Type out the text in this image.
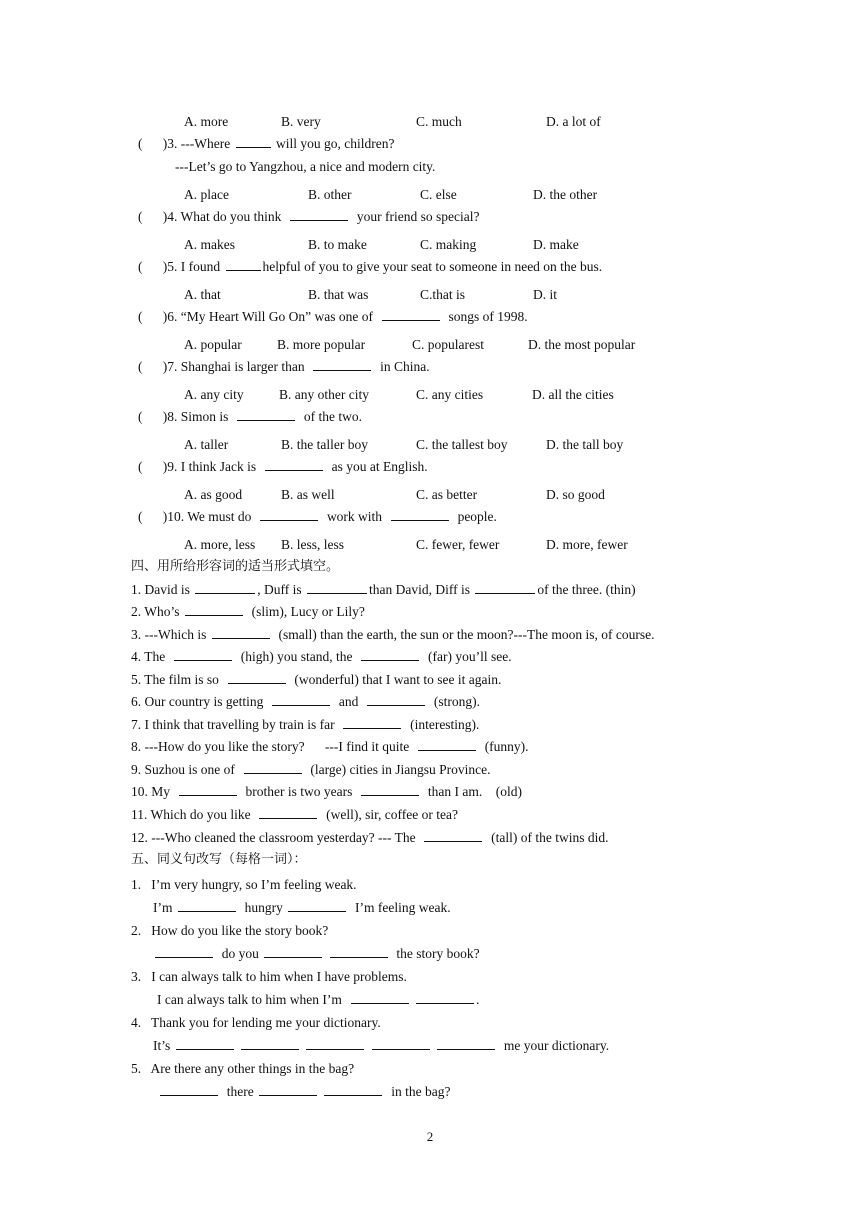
A. more	B. very	C. much	D. a lot of
( )3. ---Where	will you go, children?
---Let’s go to Yangzhou, a nice and modern city.
A. place	B. other	C. else	D. the other
( )4. What do you think	your friend so special?
A. makes	B. to make	C. making	D. make
( )5. I found	helpful of you to give your seat to someone in need on the bus.
A. that	B. that was	C.that is	D. it
( )6. “My Heart Will Go On” was one of	songs of 1998.
A. popular	B. more popular	C. popularest	D. the most popular
( )7. Shanghai is larger than	in China.
A. any city	B. any other city	C. any cities	D. all the cities
( )8. Simon is	of the two.
A. taller	B. the taller boy	C. the tallest boy	D. the tall boy
( )9. I think Jack is	as you at English.
A. as good	B. as well	C. as better	D. so good
( )10. We must do	work with	people.
A. more, less B. less, less	C. fewer, fewer	D. more, fewer
四、用所给形容词的适当形式填空。
1. David is	, Duff is	than David, Diff is	of the three. (thin)
2. Who’s	(slim), Lucy or Lily?
3. ---Which is	(small) than the earth, the sun or the moon?---The moon is, of course.
4. The	(high) you stand, the	(far) you’ll see.
5. The film is so	(wonderful) that I want to see it again.
6. Our country is getting	and	(strong).
7. I think that travelling by train is far	(interesting).
8. ---How do you like the story?      ---I find it quite	(funny).
9. Suzhou is one of	(large) cities in Jiangsu Province.
10. My	brother is two years	than I am.    (old)
11. Which do you like	(well), sir, coffee or tea?
12. ---Who cleaned the classroom yesterday? --- The	(tall) of the twins did.
五、同义句改写（每格一词）：
1. I’m very hungry, so I’m feeling weak.
I’m	hungry	I’m feeling weak.
2. How do you like the story book?
do you	the story book?
3. I can always talk to him when I have problems.
I can always talk to him when I’m	.
4. Thank you for lending me your dictionary.
It’s	me your dictionary.
5. Are there any other things in the bag?
there	in the bag?
2
